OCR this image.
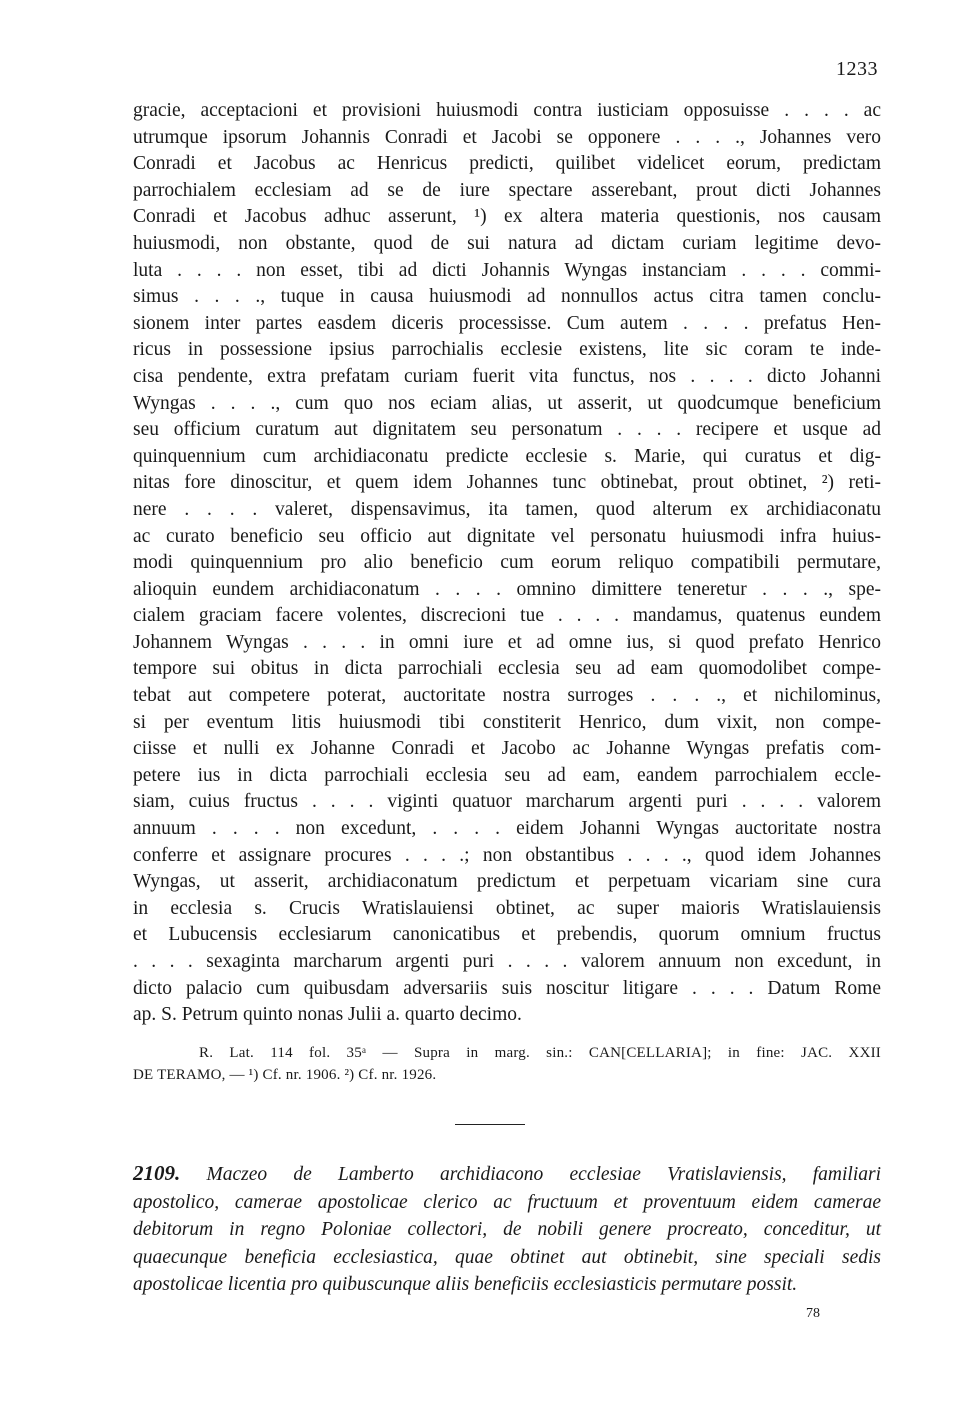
1233
gracie, acceptacioni et provisioni huiusmodi contra iusticiam opposuisse . . . . ac
utrumque ipsorum Johannis Conradi et Jacobi se opponere . . . ., Johannes vero
Conradi et Jacobus ac Henricus predicti, quilibet videlicet eorum, predictam
parrochialem ecclesiam ad se de iure spectare asserebant, prout dicti Johannes
Conradi et Jacobus adhuc asserunt, ¹) ex altera materia questionis, nos causam
huiusmodi, non obstante, quod de sui natura ad dictam curiam legitime devo-
luta . . . . non esset, tibi ad dicti Johannis Wyngas instanciam . . . . commi-
simus . . . ., tuque in causa huiusmodi ad nonnullos actus citra tamen conclu-
sionem inter partes easdem diceris processisse. Cum autem . . . . prefatus Hen-
ricus in possessione ipsius parrochialis ecclesie existens, lite sic coram te inde-
cisa pendente, extra prefatam curiam fuerit vita functus, nos . . . . dicto Johanni
Wyngas . . . ., cum quo nos eciam alias, ut asserit, ut quodcumque beneficium
seu officium curatum aut dignitatem seu personatum . . . . recipere et usque ad
quinquennium cum archidiaconatu predicte ecclesie s. Marie, qui curatus et dig-
nitas fore dinoscitur, et quem idem Johannes tunc obtinebat, prout obtinet, ²) reti-
nere . . . . valeret, dispensavimus, ita tamen, quod alterum ex archidiaconatu
ac curato beneficio seu officio aut dignitate vel personatu huiusmodi infra huius-
modi quinquennium pro alio beneficio cum eorum reliquo compatibili permutare,
alioquin eundem archidiaconatum . . . . omnino dimittere teneretur . . . ., spe-
cialem graciam facere volentes, discrecioni tue . . . . mandamus, quatenus eundem
Johannem Wyngas . . . . in omni iure et ad omne ius, si quod prefato Henrico
tempore sui obitus in dicta parrochiali ecclesia seu ad eam quomodolibet compe-
tebat aut competere poterat, auctoritate nostra surroges . . . ., et nichilominus,
si per eventum litis huiusmodi tibi constiterit Henrico, dum vixit, non compe-
ciisse et nulli ex Johanne Conradi et Jacobo ac Johanne Wyngas prefatis com-
petere ius in dicta parrochiali ecclesia seu ad eam, eandem parrochialem eccle-
siam, cuius fructus . . . . viginti quatuor marcharum argenti puri . . . . valorem
annuum . . . . non excedunt, . . . . eidem Johanni Wyngas auctoritate nostra
conferre et assignare procures . . . .; non obstantibus . . . ., quod idem Johannes
Wyngas, ut asserit, archidiaconatum predictum et perpetuam vicariam sine cura
in ecclesia s. Crucis Wratislauiensi obtinet, ac super maioris Wratislauiensis
et Lubucensis ecclesiarum canonicatibus et prebendis, quorum omnium fructus
. . . . sexaginta marcharum argenti puri . . . . valorem annuum non excedunt, in
dicto palacio cum quibusdam adversariis suis noscitur litigare . . . . Datum Rome
ap. S. Petrum quinto nonas Julii a. quarto decimo.
R. Lat. 114 fol. 35ᵃ — Supra in marg. sin.: CAN[CELLARIA]; in fine: JAC. XXII
DE TERAMO, — ¹) Cf. nr. 1906. ²) Cf. nr. 1926.
2109. Maczeo de Lamberto archidiacono ecclesiae Vratislaviensis, familiari
apostolico, camerae apostolicae clerico ac fructuum et proventuum eidem camerae
debitorum in regno Poloniae collectori, de nobili genere procreato, conceditur, ut
quaecunque beneficia ecclesiastica, quae obtinet aut obtinebit, sine speciali sedis
apostolicae licentia pro quibuscunque aliis beneficiis ecclesiasticis permutare possit.
78
